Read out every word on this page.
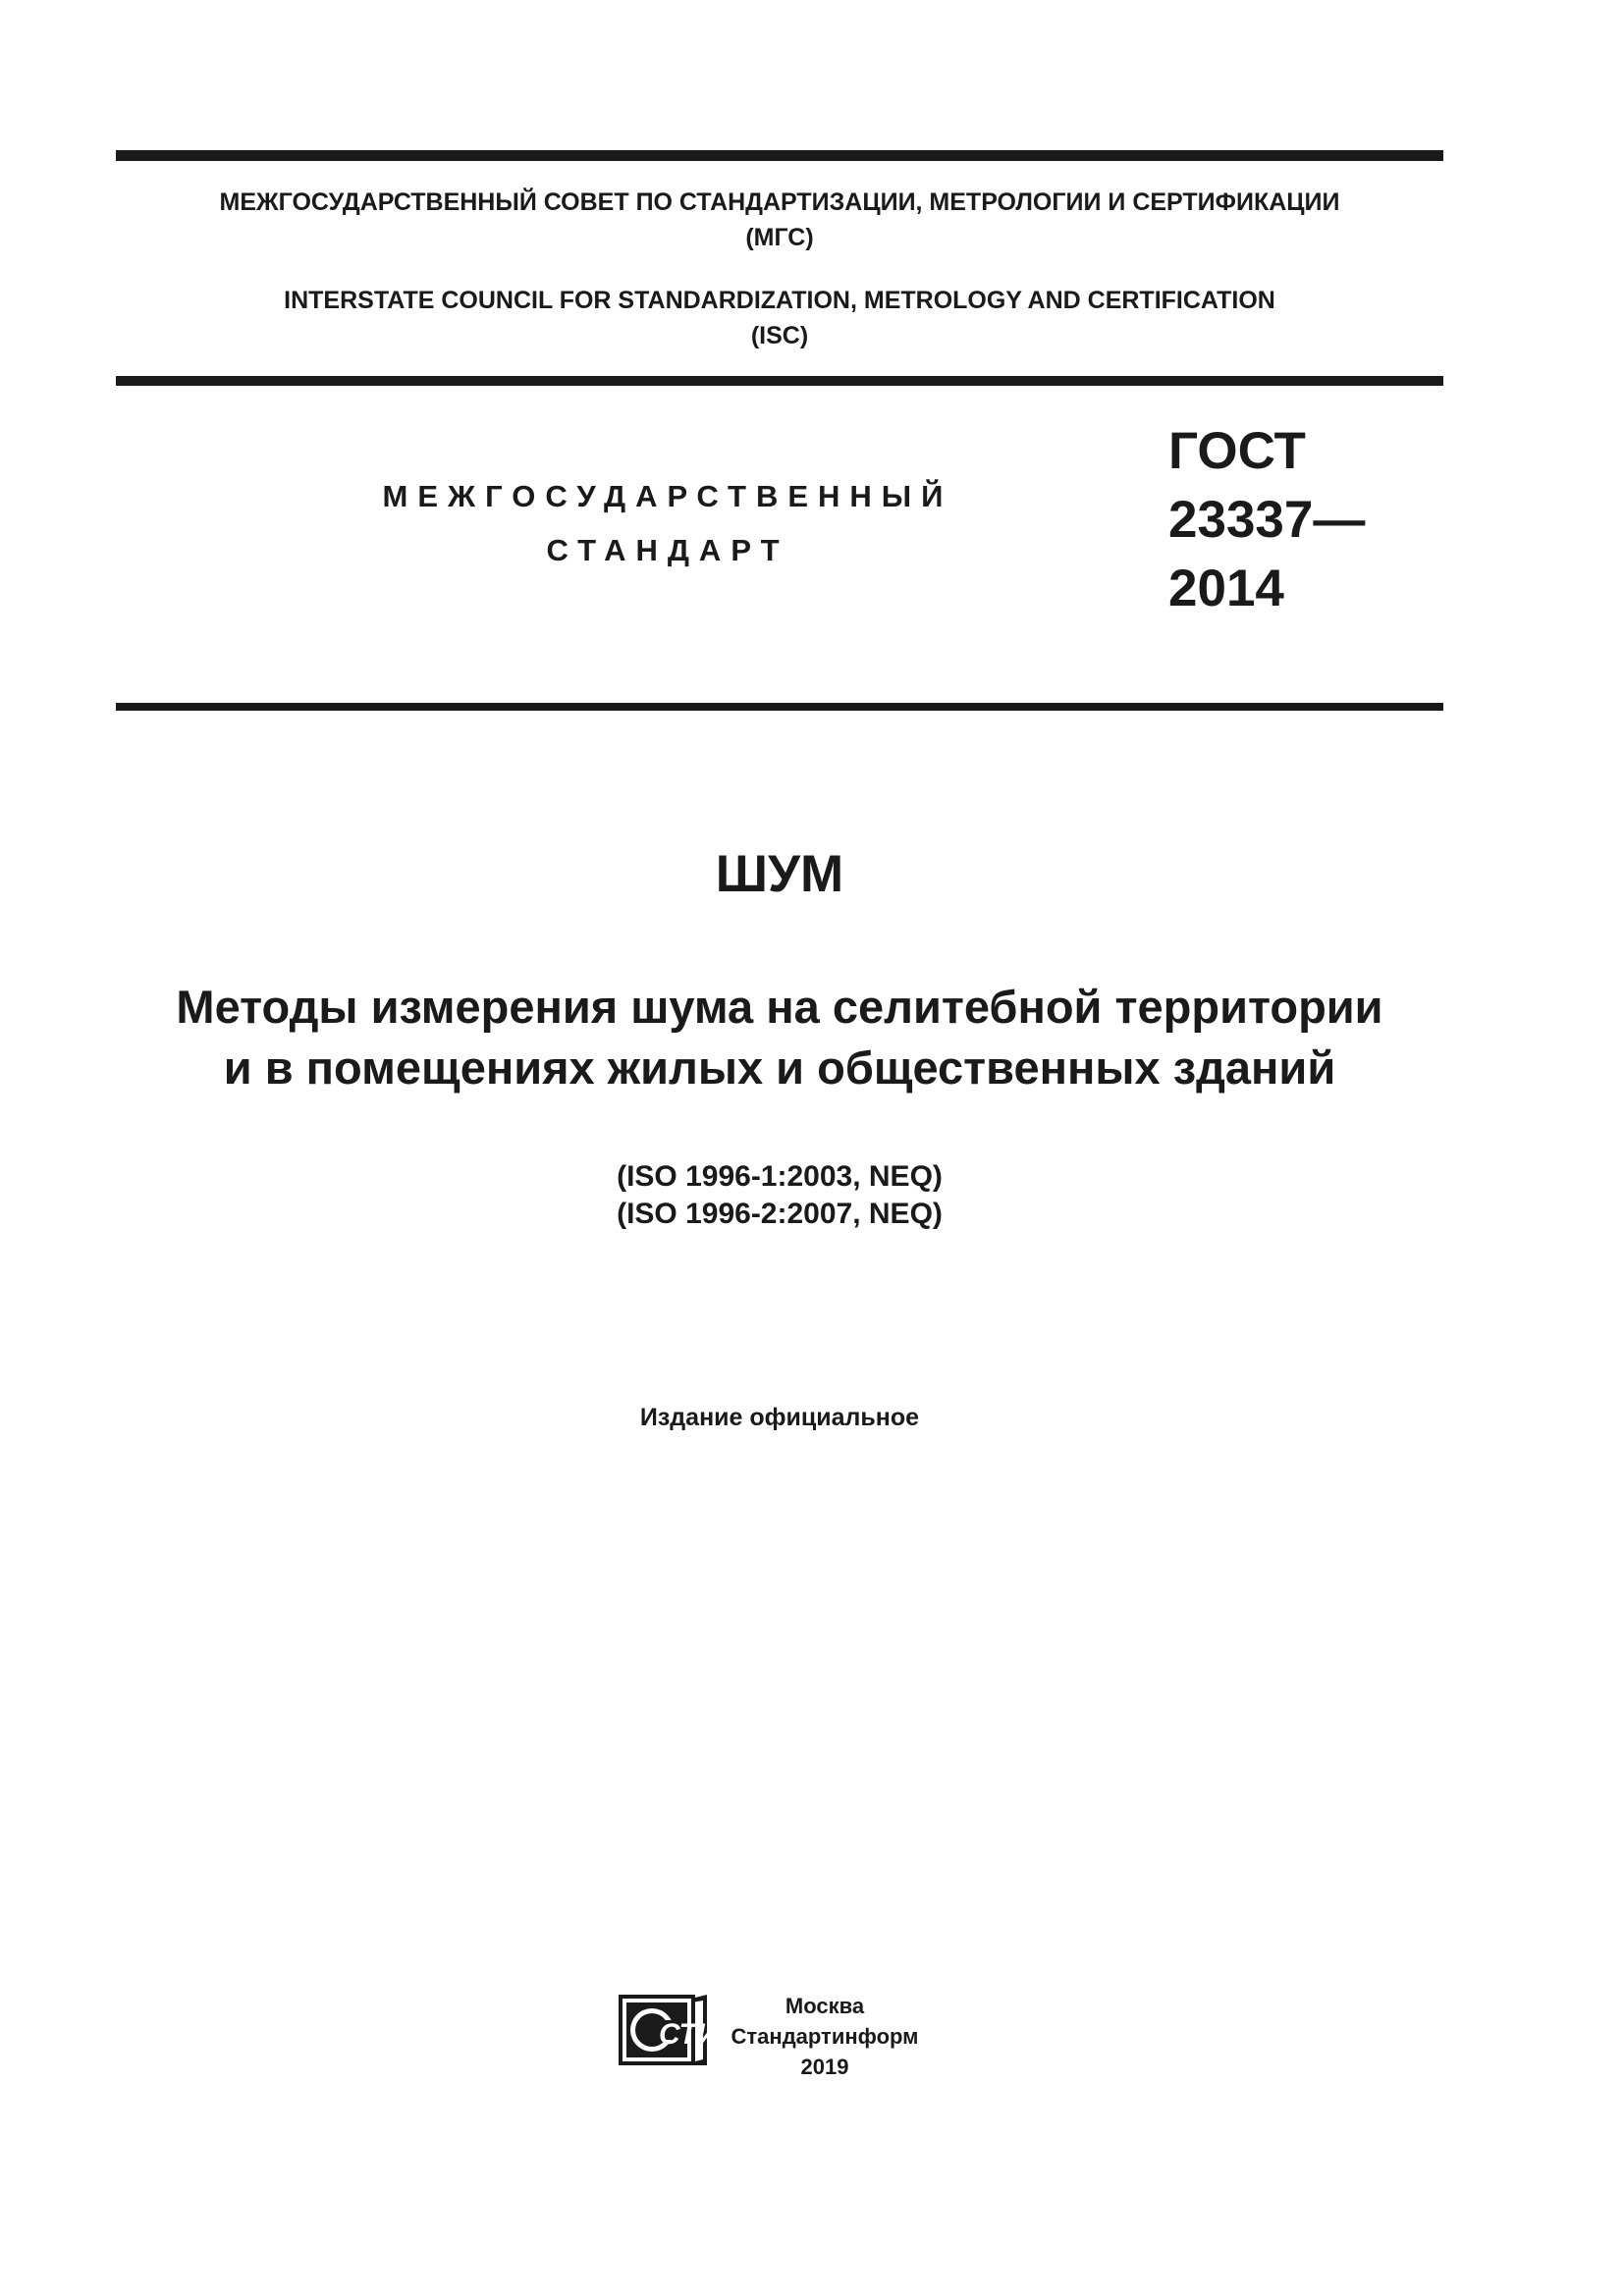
МЕЖГОСУДАРСТВЕННЫЙ СОВЕТ ПО СТАНДАРТИЗАЦИИ, МЕТРОЛОГИИ И СЕРТИФИКАЦИИ
(МГС)
INTERSTATE COUNCIL FOR STANDARDIZATION, METROLOGY AND CERTIFICATION
(ISC)
МЕЖГОСУДАРСТВЕННЫЙ
СТАНДАРТ
ГОСТ
23337—
2014
ШУМ
Методы измерения шума на селитебной территории
и в помещениях жилых и общественных зданий
(ISO 1996-1:2003, NEQ)
(ISO 1996-2:2007, NEQ)
Издание официальное
СТИ
Москва
Стандартинформ
2019
